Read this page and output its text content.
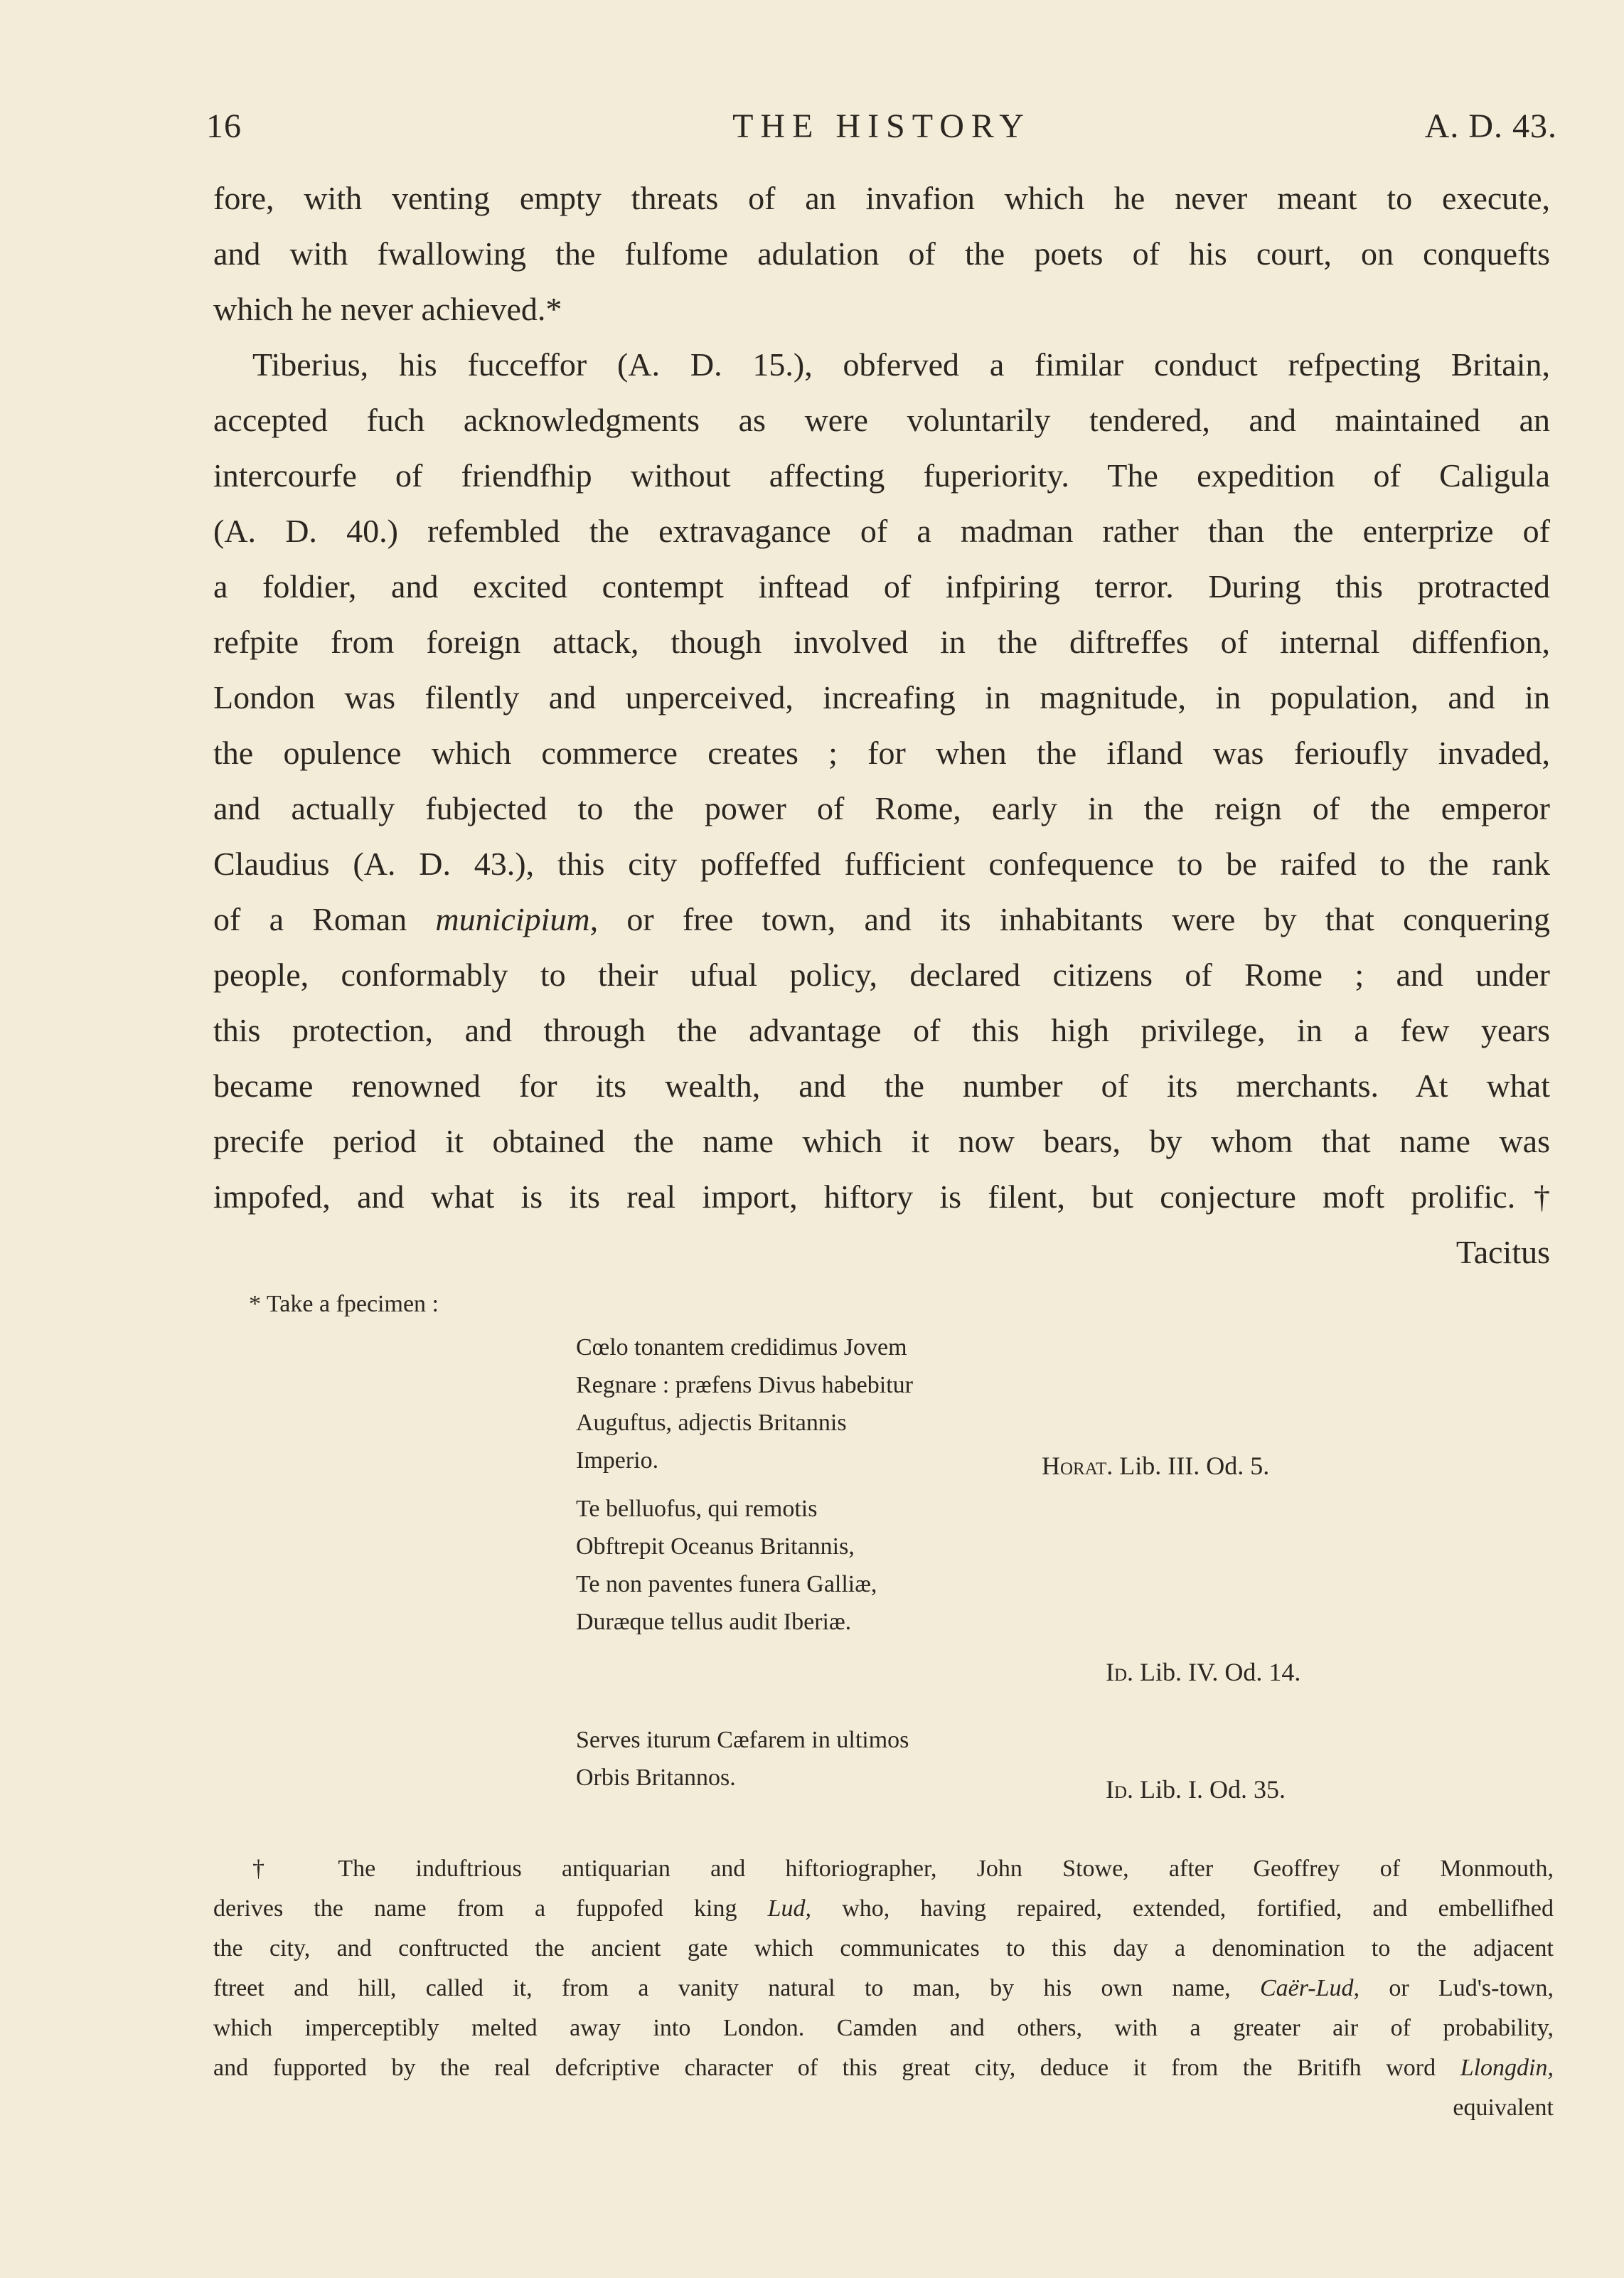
16	THE HISTORY	A. D. 43.
fore, with venting empty threats of an invafion which he never meant to execute,
and with fwallowing the fulfome adulation of the poets of his court, on conquefts
which he never achieved.*
Tiberius, his fucceffor (A. D. 15.), obferved a fimilar conduct refpecting Britain,
accepted fuch acknowledgments as were voluntarily tendered, and maintained an
intercourfe of friendfhip without affecting fuperiority. The expedition of Caligula
(A. D. 40.) refembled the extravagance of a madman rather than the enterprize of
a foldier, and excited contempt inftead of infpiring terror. During this protracted
refpite from foreign attack, though involved in the diftreffes of internal diffenfion,
London was filently and unperceived, increafing in magnitude, in population, and in
the opulence which commerce creates ; for when the ifland was ferioufly invaded,
and actually fubjected to the power of Rome, early in the reign of the emperor
Claudius (A. D. 43.), this city poffeffed fufficient confequence to be raifed to the rank
of a Roman municipium, or free town, and its inhabitants were by that conquering
people, conformably to their ufual policy, declared citizens of Rome ; and under
this protection, and through the advantage of this high privilege, in a few years
became renowned for its wealth, and the number of its merchants. At what
precife period it obtained the name which it now bears, by whom that name was
impofed, and what is its real import, hiftory is filent, but conjecture moft prolific.†
Tacitus
* Take a fpecimen :
Cœlo tonantem credidimus Jovem
Regnare : præfens Divus habebitur
Auguftus, adjectis Britannis
Imperio.	Horat. Lib. III. Od. 5.
Te belluofus, qui remotis
Obftrepit Oceanus Britannis,
Te non paventes funera Galliæ,
Duræque tellus audit Iberiæ.
Id. Lib. IV. Od. 14.
Serves iturum Cæfarem in ultimos
Orbis Britannos.	Id. Lib. I. Od. 35.
† The induftrious antiquarian and hiftoriographer, John Stowe, after Geoffrey of Monmouth,
derives the name from a fuppofed king Lud, who, having repaired, extended, fortified, and embellifhed
the city, and conftructed the ancient gate which communicates to this day a denomination to the adjacent
ftreet and hill, called it, from a vanity natural to man, by his own name, Caër-Lud, or Lud's-town,
which imperceptibly melted away into London. Camden and others, with a greater air of probability,
and fupported by the real defcriptive character of this great city, deduce it from the Britifh word Llongdin,
equivalent
